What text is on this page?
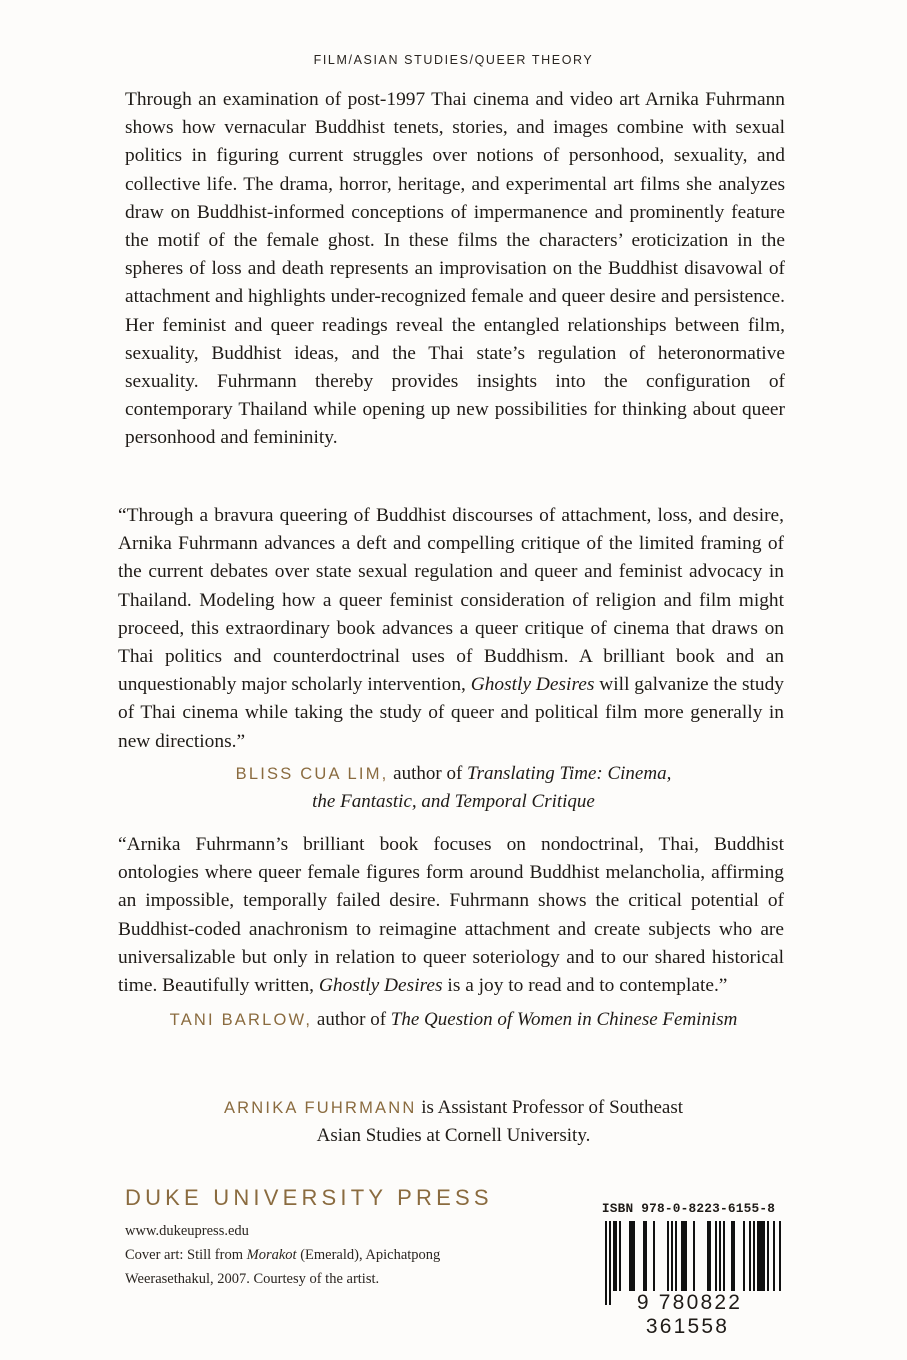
FILM/ASIAN STUDIES/QUEER THEORY

Through an examination of post-1997 Thai cinema and video art Arnika Fuhrmann shows how vernacular Buddhist tenets, stories, and images combine with sexual politics in figuring current struggles over notions of personhood, sexuality, and collective life. The drama, horror, heritage, and experimental art films she analyzes draw on Buddhist-informed conceptions of impermanence and prominently feature the motif of the female ghost. In these films the characters’ eroticization in the spheres of loss and death represents an improvisation on the Buddhist disavowal of attachment and highlights under-recognized female and queer desire and persistence. Her feminist and queer readings reveal the entangled relationships between film, sexuality, Buddhist ideas, and the Thai state’s regulation of heteronormative sexuality. Fuhrmann thereby provides insights into the configuration of contemporary Thailand while opening up new possibilities for thinking about queer personhood and femininity.

“Through a bravura queering of Buddhist discourses of attachment, loss, and desire, Arnika Fuhrmann advances a deft and compelling critique of the limited framing of the current debates over state sexual regulation and queer and feminist advocacy in Thailand. Modeling how a queer feminist consideration of religion and film might proceed, this extraordinary book advances a queer critique of cinema that draws on Thai politics and counterdoctrinal uses of Buddhism. A brilliant book and an unquestionably major scholarly intervention, Ghostly Desires will galvanize the study of Thai cinema while taking the study of queer and political film more generally in new directions.”

BLISS CUA LIM, author of Translating Time: Cinema,
the Fantastic, and Temporal Critique

“Arnika Fuhrmann’s brilliant book focuses on nondoctrinal, Thai, Buddhist ontologies where queer female figures form around Buddhist melancholia, affirming an impossible, temporally failed desire. Fuhrmann shows the critical potential of Buddhist-coded anachronism to reimagine attachment and create subjects who are universalizable but only in relation to queer soteriology and to our shared historical time. Beautifully written, Ghostly Desires is a joy to read and to contemplate.”

TANI BARLOW, author of The Question of Women in Chinese Feminism
ARNIKA FUHRMANN is Assistant Professor of Southeast
Asian Studies at Cornell University.
DUKE UNIVERSITY PRESS
www.dukeupress.edu
Cover art: Still from Morakot (Emerald), Apichatpong
Weerasethakul, 2007. Courtesy of the artist.
ISBN 978-0-8223-6155-8
9 780822 361558
